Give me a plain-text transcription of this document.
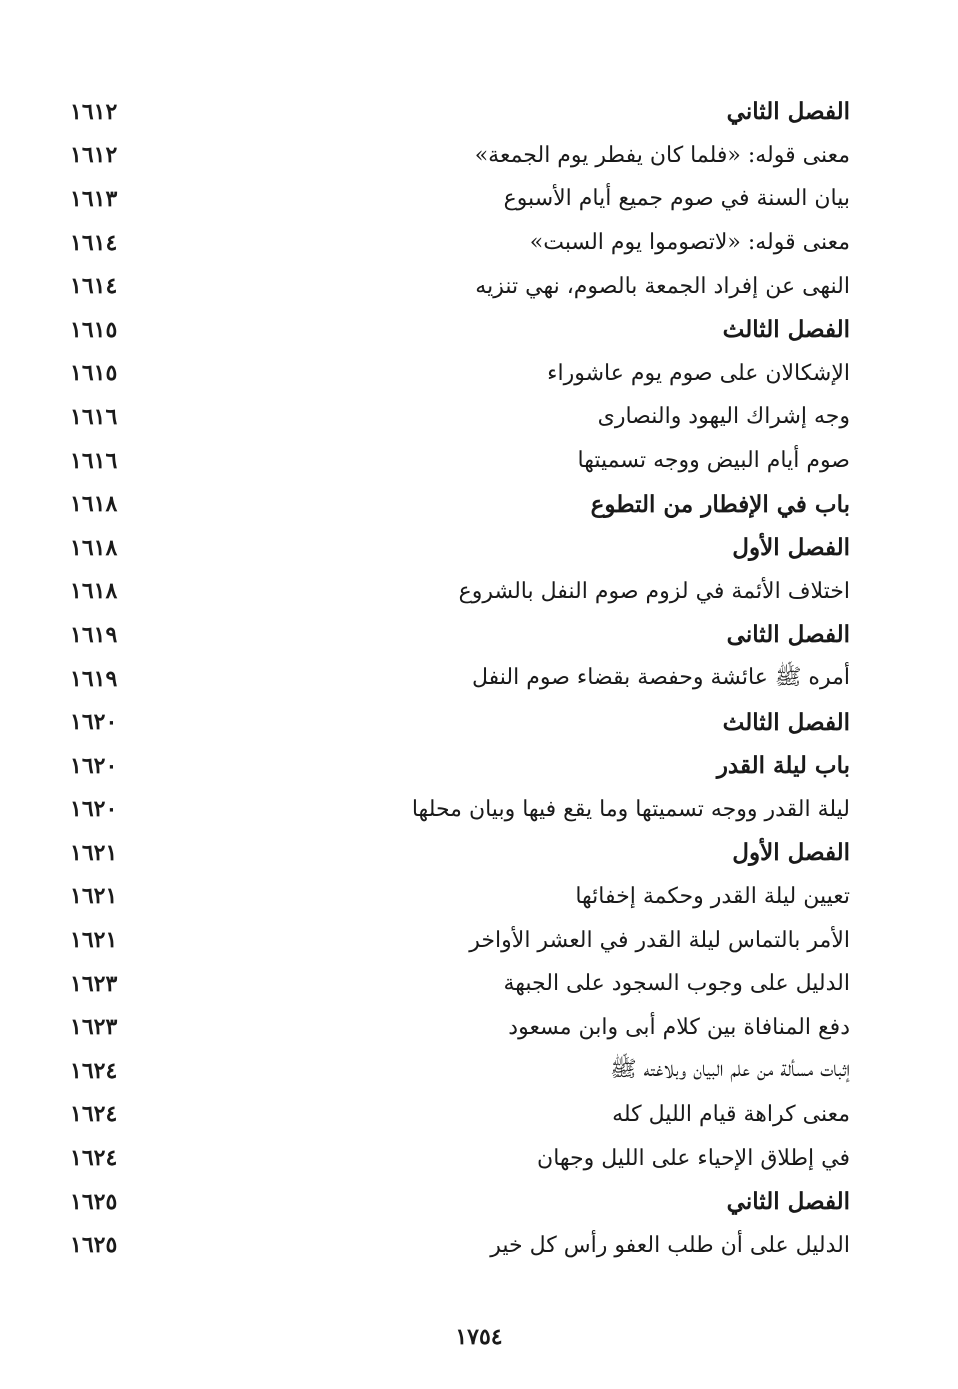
١٦١٢	الفصل الثاني
١٦١٢	معنى قوله: «فلما كان يفطر يوم الجمعة»
١٦١٣	بيان السنة في صوم جميع أيام الأسبوع
١٦١٤	معنى قوله: «لاتصوموا يوم السبت»
١٦١٤	النهى عن إفراد الجمعة بالصوم، نهي تنزيه
١٦١٥	الفصل الثالث
١٦١٥	الإشكالان على صوم يوم عاشوراء
١٦١٦	وجه إشراك اليهود والنصارى
١٦١٦	صوم أيام البيض ووجه تسميتها
١٦١٨	باب في الإفطار من التطوع
١٦١٨	الفصل الأول
١٦١٨	اختلاف الأئمة في لزوم صوم النفل بالشروع
١٦١٩	الفصل الثانى
١٦١٩	أمره ﷺ عائشة وحفصة بقضاء صوم النفل
١٦٢٠	الفصل الثالث
١٦٢٠	باب ليلة القدر
١٦٢٠	ليلة القدر ووجه تسميتها وما يقع فيها وبيان محلها
١٦٢١	الفصل الأول
١٦٢١	تعيين ليلة القدر وحكمة إخفائها
١٦٢١	الأمر بالتماس ليلة القدر في العشر الأواخر
١٦٢٣	الدليل على وجوب السجود على الجبهة
١٦٢٣	دفع المنافاة بين كلام أبى وابن مسعود
١٦٢٤	إثبات مسألة من علم البيان وبلاغته ﷺ
١٦٢٤	معنى كراهة قيام الليل كله
١٦٢٤	في إطلاق الإحياء على الليل وجهان
١٦٢٥	الفصل الثاني
١٦٢٥	الدليل على أن طلب العفو رأس كل خير
١٧٥٤
